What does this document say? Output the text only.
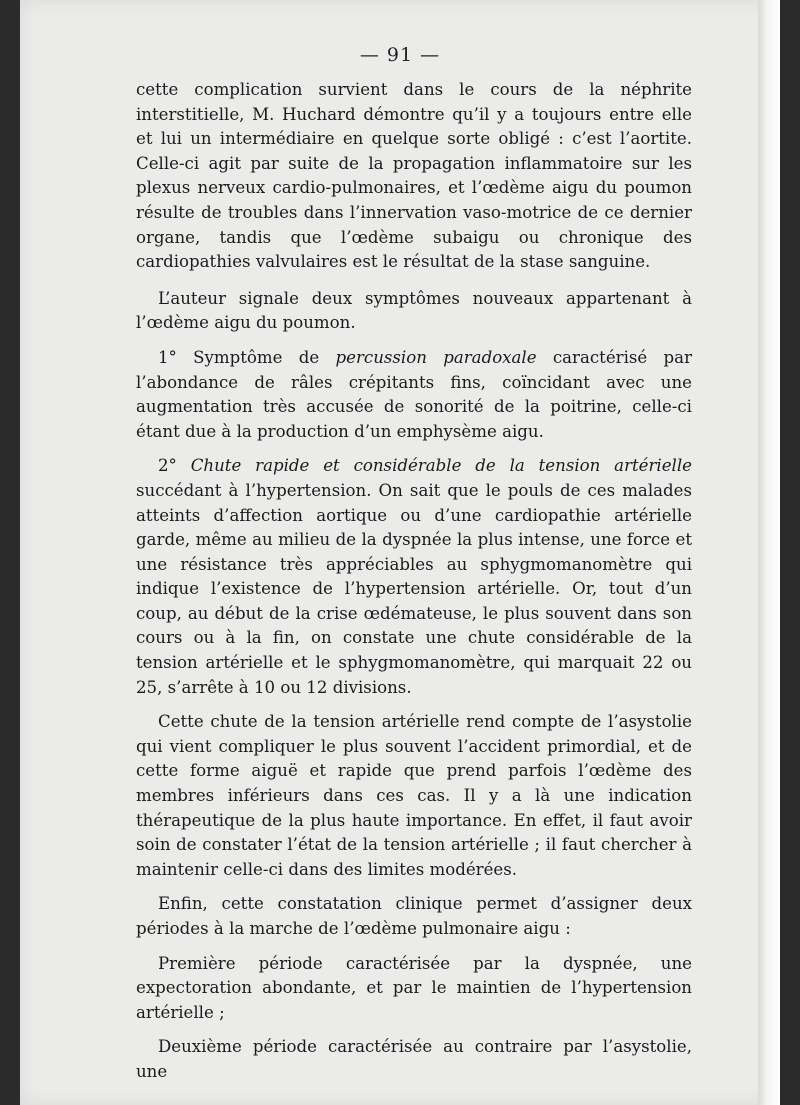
— 91 —

cette complication survient dans le cours de la néphrite interstitielle, M. Huchard démontre qu’il y a toujours entre elle et lui un intermédiaire en quelque sorte obligé : c’est l’aortite. Celle-ci agit par suite de la propagation inflammatoire sur les plexus nerveux cardio-pulmonaires, et l’œdème aigu du poumon résulte de troubles dans l’innervation vaso-motrice de ce dernier organe, tandis que l’œdème subaigu ou chronique des cardiopathies valvulaires est le résultat de la stase sanguine.

L’auteur signale deux symptômes nouveaux appartenant à l’œdème aigu du poumon.

1° Symptôme de percussion paradoxale caractérisé par l’abondance de râles crépitants fins, coïncidant avec une augmentation très accusée de sonorité de la poitrine, celle-ci étant due à la production d’un emphysème aigu.

2° Chute rapide et considérable de la tension artérielle succédant à l’hypertension. On sait que le pouls de ces malades atteints d’affection aortique ou d’une cardiopathie artérielle garde, même au milieu de la dyspnée la plus intense, une force et une résistance très appréciables au sphygmomanomètre qui indique l’existence de l’hypertension artérielle. Or, tout d’un coup, au début de la crise œdémateuse, le plus souvent dans son cours ou à la fin, on constate une chute considérable de la tension artérielle et le sphygmomanomètre, qui marquait 22 ou 25, s’arrête à 10 ou 12 divisions.

Cette chute de la tension artérielle rend compte de l’asystolie qui vient compliquer le plus souvent l’accident primordial, et de cette forme aiguë et rapide que prend parfois l’œdème des membres inférieurs dans ces cas. Il y a là une indication thérapeutique de la plus haute importance. En effet, il faut avoir soin de constater l’état de la tension artérielle ; il faut chercher à maintenir celle-ci dans des limites modérées.

Enfin, cette constatation clinique permet d’assigner deux périodes à la marche de l’œdème pulmonaire aigu :

Première période caractérisée par la dyspnée, une expectoration abondante, et par le maintien de l’hypertension artérielle ;

Deuxième période caractérisée au contraire par l’asystolie, une
